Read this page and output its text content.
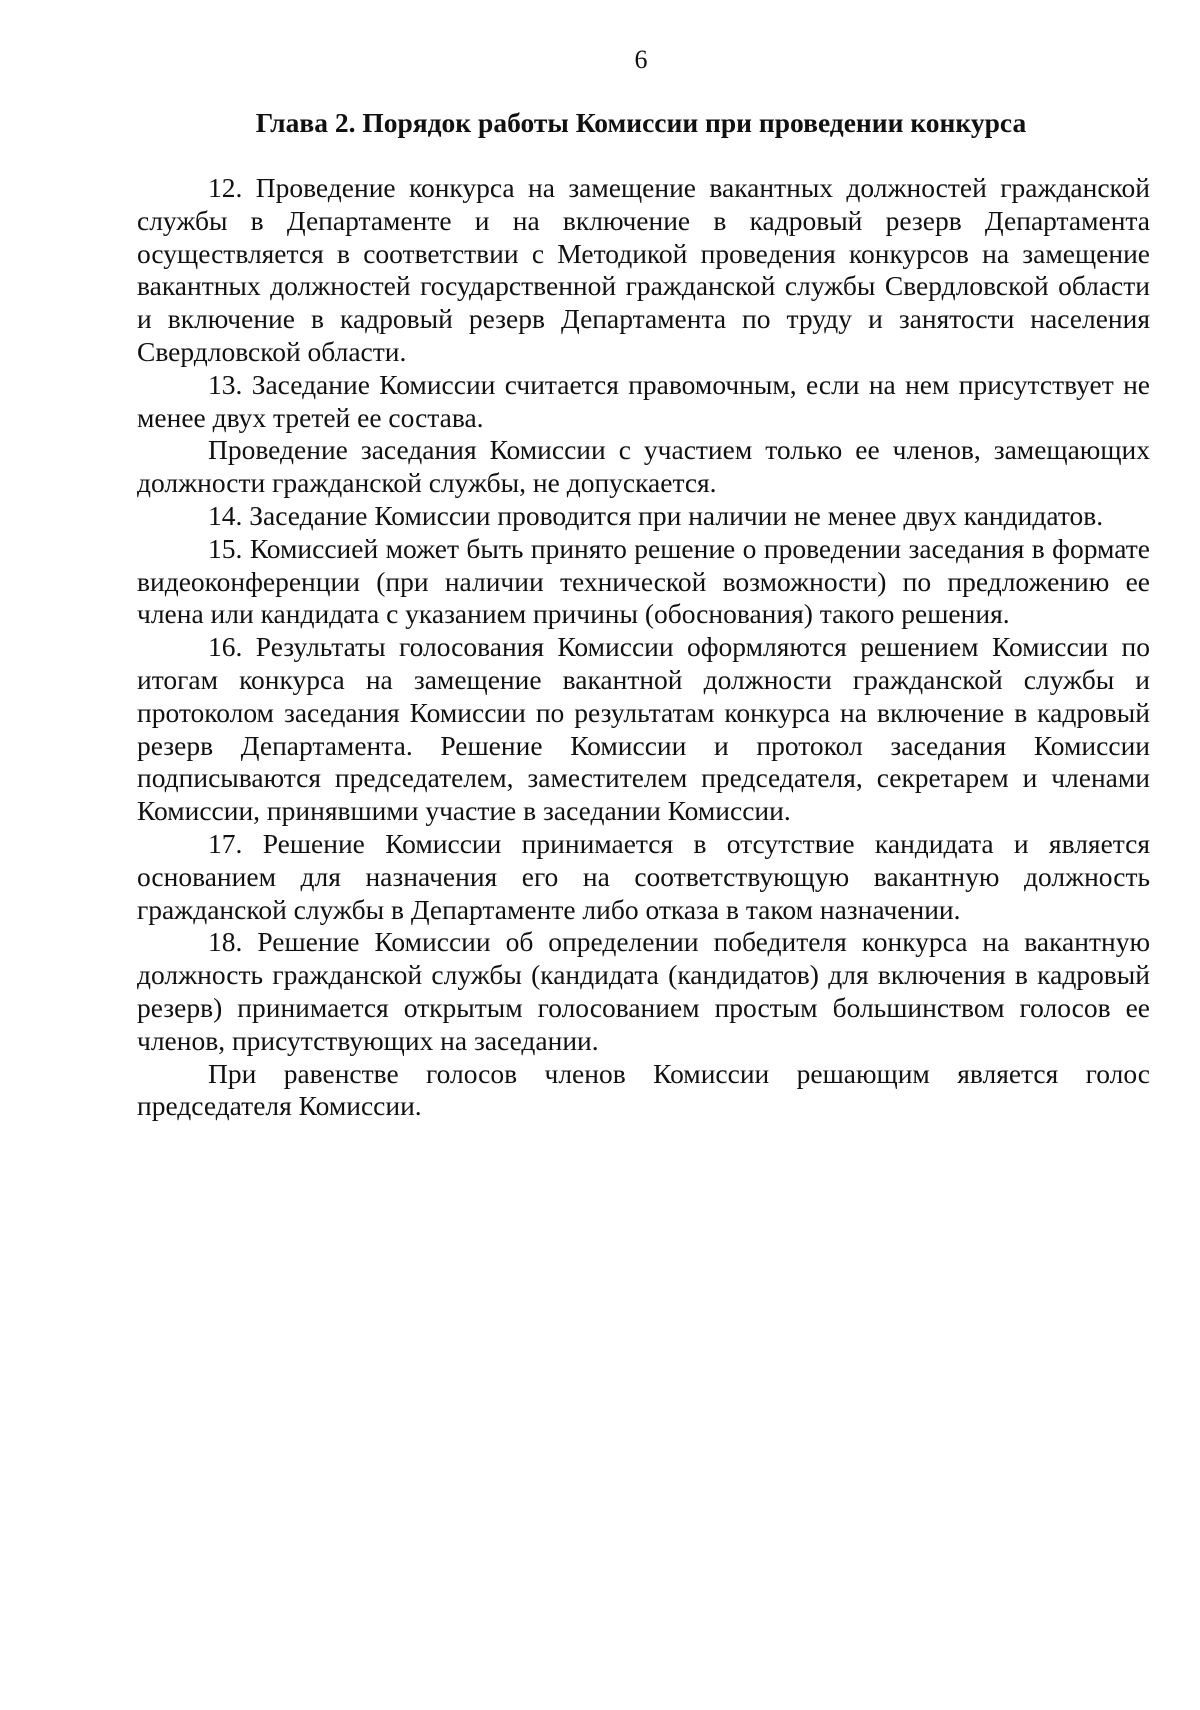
6
Глава 2. Порядок работы Комиссии при проведении конкурса

12. Проведение конкурса на замещение вакантных должностей гражданской службы в Департаменте и на включение в кадровый резерв Департамента осуществляется в соответствии с Методикой проведения конкурсов на замещение вакантных должностей государственной гражданской службы Свердловской области и включение в кадровый резерв Департамента по труду и занятости населения Свердловской области.

13. Заседание Комиссии считается правомочным, если на нем присутствует не менее двух третей ее состава.

Проведение заседания Комиссии с участием только ее членов, замещающих должности гражданской службы, не допускается.

14. Заседание Комиссии проводится при наличии не менее двух кандидатов.

15. Комиссией может быть принято решение о проведении заседания в формате видеоконференции (при наличии технической возможности) по предложению ее члена или кандидата с указанием причины (обоснования) такого решения.

16. Результаты голосования Комиссии оформляются решением Комиссии по итогам конкурса на замещение вакантной должности гражданской службы и протоколом заседания Комиссии по результатам конкурса на включение в кадровый резерв Департамента. Решение Комиссии и протокол заседания Комиссии подписываются председателем, заместителем председателя, секретарем и членами Комиссии, принявшими участие в заседании Комиссии.

17. Решение Комиссии принимается в отсутствие кандидата и является основанием для назначения его на соответствующую вакантную должность гражданской службы в Департаменте либо отказа в таком назначении.

18. Решение Комиссии об определении победителя конкурса на вакантную должность гражданской службы (кандидата (кандидатов) для включения в кадровый резерв) принимается открытым голосованием простым большинством голосов ее членов, присутствующих на заседании.

При равенстве голосов членов Комиссии решающим является голос председателя Комиссии.
